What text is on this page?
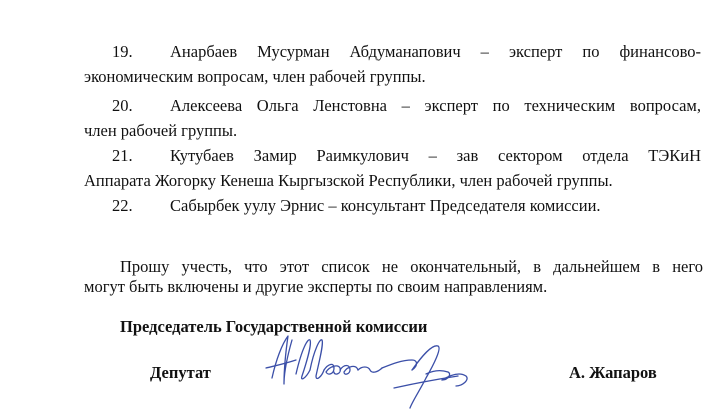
19. Анарбаев Мусурман Абдуманапович – эксперт по финансово-
экономическим вопросам, член рабочей группы.
20. Алексеева Ольга Ленстовна – эксперт по техническим вопросам,
член рабочей группы.
21. Кутубаев Замир Раимкулович – зав сектором отдела ТЭКиН
Аппарата Жогорку Кенеша Кыргызской Республики, член рабочей группы.
22. Сабырбек уулу Эрнис – консультант Председателя комиссии.
Прошу учесть, что этот список не окончательный, в дальнейшем в него
могут быть включены и другие эксперты по своим направлениям.
Председатель Государственной комиссии
Депутат	А. Жапаров
